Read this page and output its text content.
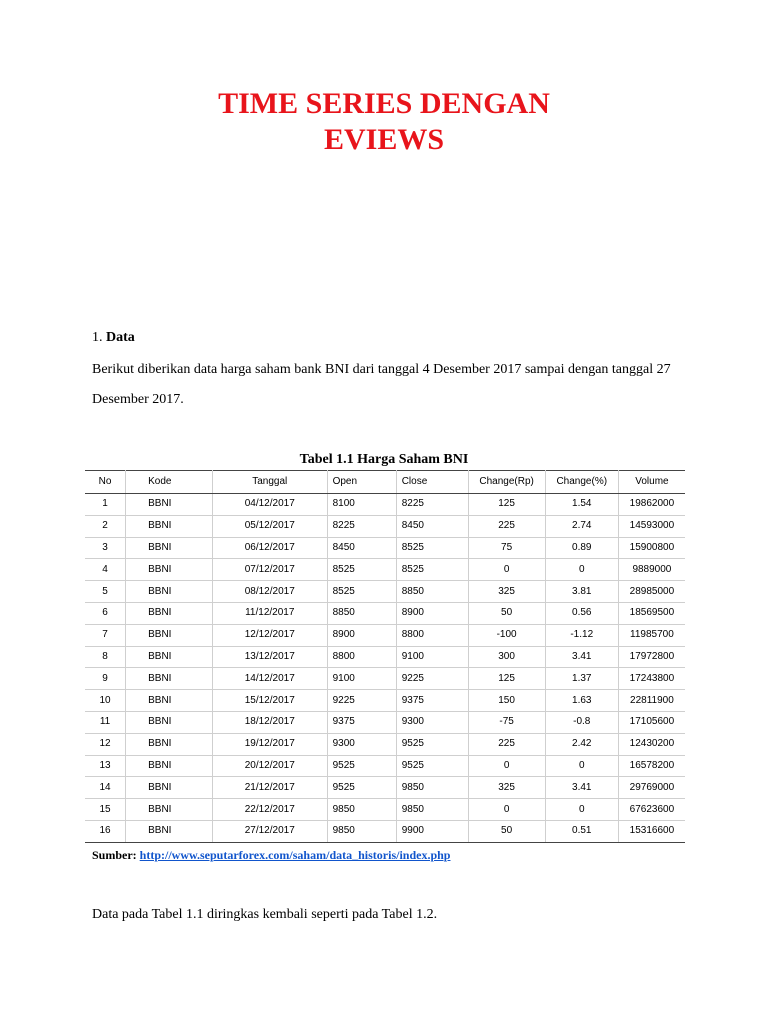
TIME SERIES DENGAN
EVIEWS
1. Data
Berikut diberikan data harga saham bank BNI dari tanggal 4 Desember 2017 sampai dengan tanggal 27 Desember 2017.
Tabel 1.1 Harga Saham BNI
No	Kode	Tanggal	Open	Close	Change(Rp)	Change(%)	Volume
1	BBNI	04/12/2017	8100	8225	125	1.54	19862000
2	BBNI	05/12/2017	8225	8450	225	2.74	14593000
3	BBNI	06/12/2017	8450	8525	75	0.89	15900800
4	BBNI	07/12/2017	8525	8525	0	0	9889000
5	BBNI	08/12/2017	8525	8850	325	3.81	28985000
6	BBNI	11/12/2017	8850	8900	50	0.56	18569500
7	BBNI	12/12/2017	8900	8800	-100	-1.12	11985700
8	BBNI	13/12/2017	8800	9100	300	3.41	17972800
9	BBNI	14/12/2017	9100	9225	125	1.37	17243800
10	BBNI	15/12/2017	9225	9375	150	1.63	22811900
11	BBNI	18/12/2017	9375	9300	-75	-0.8	17105600
12	BBNI	19/12/2017	9300	9525	225	2.42	12430200
13	BBNI	20/12/2017	9525	9525	0	0	16578200
14	BBNI	21/12/2017	9525	9850	325	3.41	29769000
15	BBNI	22/12/2017	9850	9850	0	0	67623600
16	BBNI	27/12/2017	9850	9900	50	0.51	15316600
Sumber: http://www.seputarforex.com/saham/data_historis/index.php
Data pada Tabel 1.1 diringkas kembali seperti pada Tabel 1.2.
